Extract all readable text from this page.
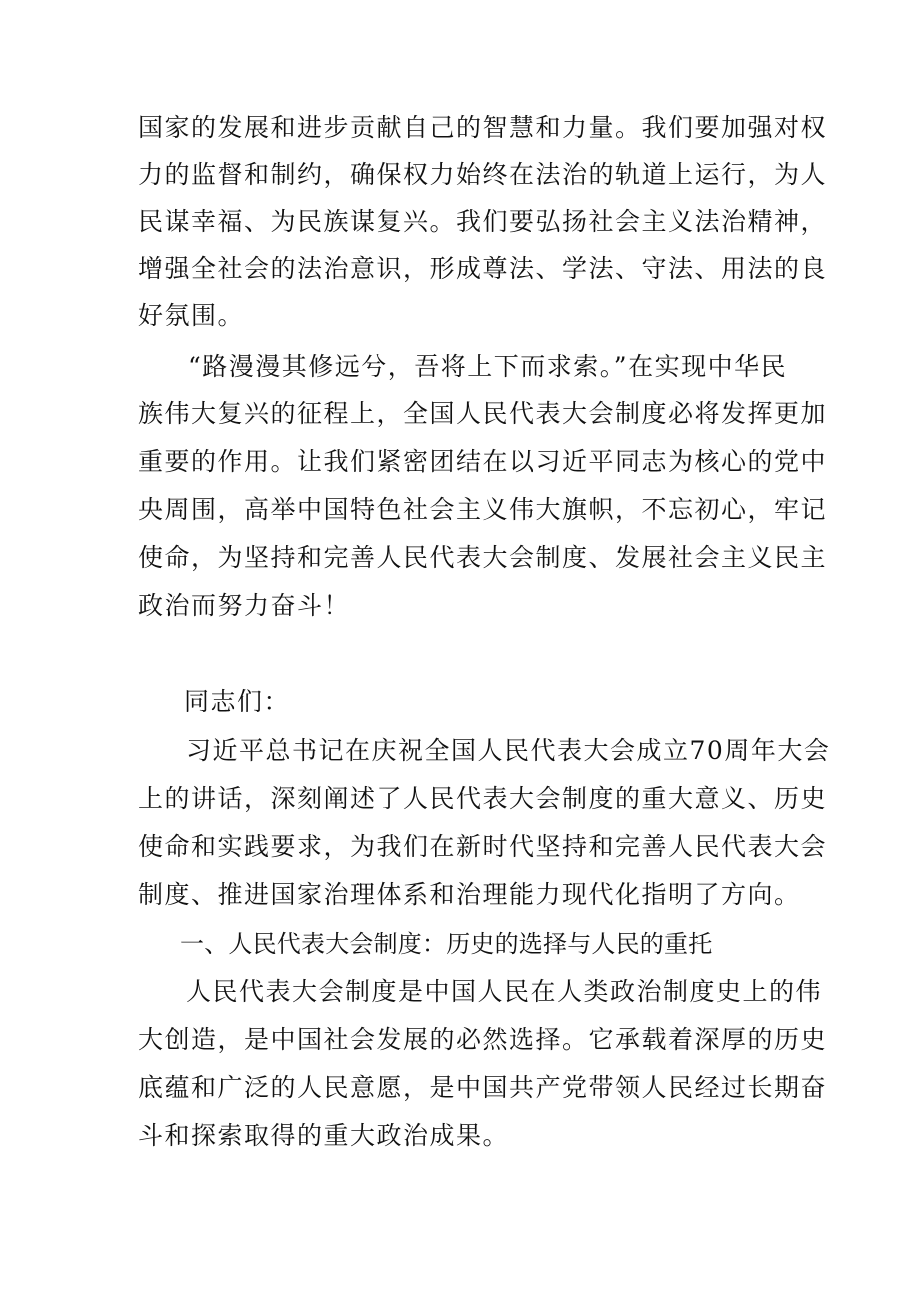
国家的发展和进步贡献自己的智慧和力量。我们要加强对权
力的监督和制约，确保权力始终在法治的轨道上运行，为人
民谋幸福、为民族谋复兴。我们要弘扬社会主义法治精神，
增强全社会的法治意识，形成尊法、学法、守法、用法的良
好氛围。
“路漫漫其修远兮，吾将上下而求索。”在实现中华民
族伟大复兴的征程上，全国人民代表大会制度必将发挥更加
重要的作用。让我们紧密团结在以习近平同志为核心的党中
央周围，高举中国特色社会主义伟大旗帜，不忘初心，牢记
使命，为坚持和完善人民代表大会制度、发展社会主义民主
政治而努力奋斗！
同志们：
习近平总书记在庆祝全国人民代表大会成立70周年大会
上的讲话，深刻阐述了人民代表大会制度的重大意义、历史
使命和实践要求，为我们在新时代坚持和完善人民代表大会
制度、推进国家治理体系和治理能力现代化指明了方向。
一、人民代表大会制度：历史的选择与人民的重托
人民代表大会制度是中国人民在人类政治制度史上的伟
大创造，是中国社会发展的必然选择。它承载着深厚的历史
底蕴和广泛的人民意愿，是中国共产党带领人民经过长期奋
斗和探索取得的重大政治成果。
